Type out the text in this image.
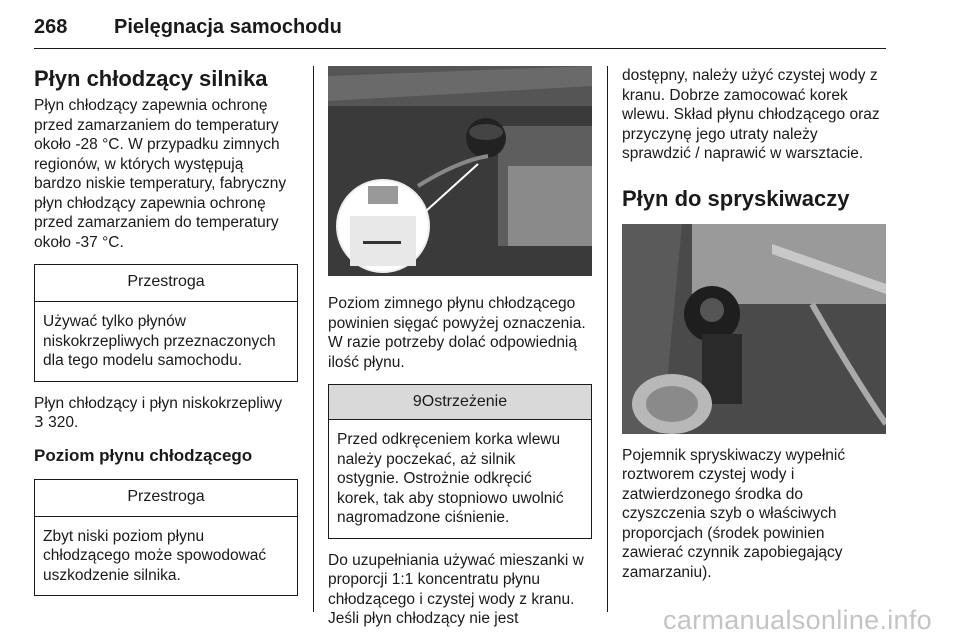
268 Pielęgnacja samochodu
Płyn chłodzący silnika

Płyn chłodzący zapewnia ochronę
przed zamarzaniem do temperatury
około -28 °C. W przypadku zimnych
regionów, w których występują
bardzo niskie temperatury, fabryczny
płyn chłodzący zapewnia ochronę
przed zamarzaniem do temperatury
około -37 °C.

Przestroga
Używać tylko płynów
niskokrzepliwych przeznaczonych
dla tego modelu samochodu.

Płyn chłodzący i płyn niskokrzepliwy
3 320.

Poziom płynu chłodzącego
Przestroga
Zbyt niski poziom płynu
chłodzącego może spowodować
uszkodzenie silnika.

Poziom zimnego płynu chłodzącego
powinien sięgać powyżej oznaczenia.
W razie potrzeby dolać odpowiednią
ilość płynu.

9Ostrzeżenie
Przed odkręceniem korka wlewu
należy poczekać, aż silnik
ostygnie. Ostrożnie odkręcić
korek, tak aby stopniowo uwolnić
nagromadzone ciśnienie.

Do uzupełniania używać mieszanki w
proporcji 1:1 koncentratu płynu
chłodzącego i czystej wody z kranu.
Jeśli płyn chłodzący nie jest

dostępny, należy użyć czystej wody z
kranu. Dobrze zamocować korek
wlewu. Skład płynu chłodzącego oraz
przyczynę jego utraty należy
sprawdzić / naprawić w warsztacie.

Płyn do spryskiwaczy

Pojemnik spryskiwaczy wypełnić
roztworem czystej wody i
zatwierdzonego środka do
czyszczenia szyb o właściwych
proporcjach (środek powinien
zawierać czynnik zapobiegający
zamarzaniu).

carmanualsonline.info
